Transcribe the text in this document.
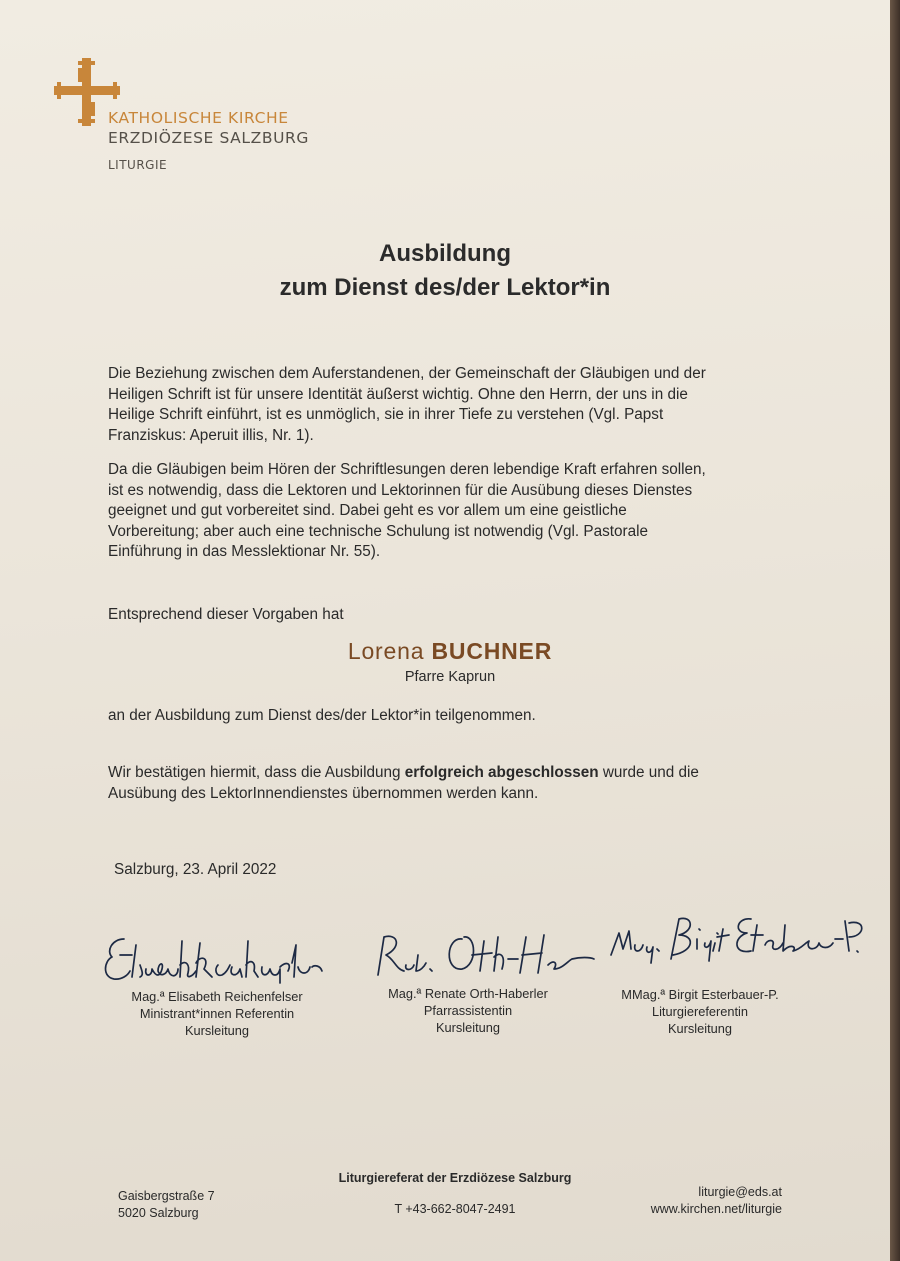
KATHOLISCHE KIRCHE
ERZDIÖZESE SALZBURG
LITURGIE
Ausbildung
zum Dienst des/der Lektor*in
Die Beziehung zwischen dem Auferstandenen, der Gemeinschaft der Gläubigen und der
Heiligen Schrift ist für unsere Identität äußerst wichtig. Ohne den Herrn, der uns in die
Heilige Schrift einführt, ist es unmöglich, sie in ihrer Tiefe zu verstehen (Vgl. Papst
Franziskus: Aperuit illis, Nr. 1).
Da die Gläubigen beim Hören der Schriftlesungen deren lebendige Kraft erfahren sollen,
ist es notwendig, dass die Lektoren und Lektorinnen für die Ausübung dieses Dienstes
geeignet und gut vorbereitet sind. Dabei geht es vor allem um eine geistliche
Vorbereitung; aber auch eine technische Schulung ist notwendig (Vgl. Pastorale
Einführung in das Messlektionar Nr. 55).
Entsprechend dieser Vorgaben hat
Lorena BUCHNER
Pfarre Kaprun
an der Ausbildung zum Dienst des/der Lektor*in teilgenommen.
Wir bestätigen hiermit, dass die Ausbildung erfolgreich abgeschlossen wurde und die
Ausübung des LektorInnendienstes übernommen werden kann.
Salzburg, 23. April 2022
Mag.ª Elisabeth Reichenfelser
Ministrant*innen Referentin
Kursleitung
Mag.ª Renate Orth-Haberler
Pfarrassistentin
Kursleitung
MMag.ª Birgit Esterbauer-P.
Liturgiereferentin
Kursleitung
Liturgiereferat der Erzdiözese Salzburg
Gaisbergstraße 7
5020 Salzburg	T +43-662-8047-2491
liturgie@eds.at
www.kirchen.net/liturgie
